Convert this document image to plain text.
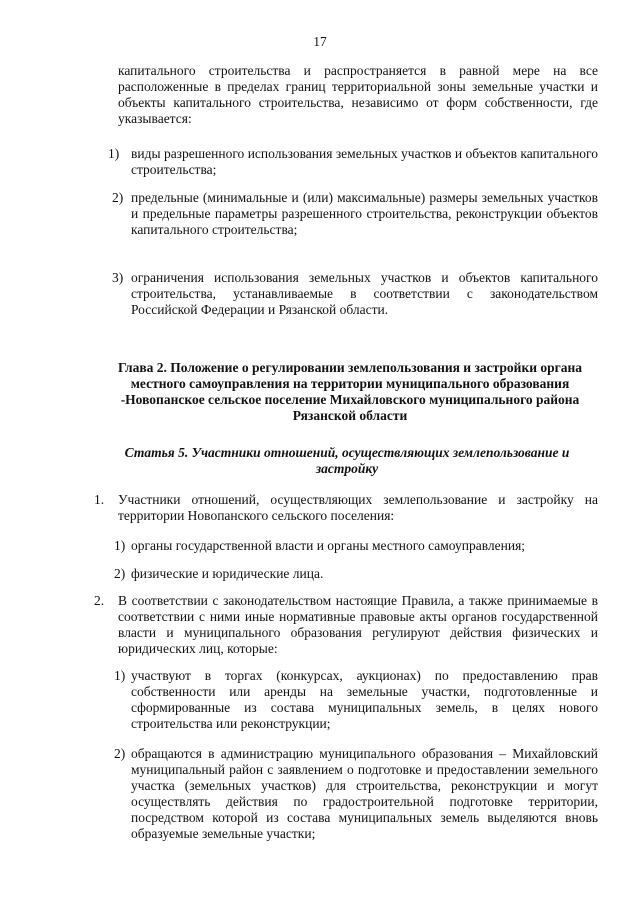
17
капитального строительства и распространяется в равной мере на все расположенные в пределах границ территориальной зоны земельные участки и объекты капитального строительства, независимо от форм собственности, где указывается:
1) виды разрешенного использования земельных участков и объектов капитального строительства;
2) предельные (минимальные и (или) максимальные) размеры земельных участков и предельные параметры разрешенного строительства, реконструкции объектов капитального строительства;
3) ограничения использования земельных участков и объектов капитального строительства, устанавливаемые в соответствии с законодательством Российской Федерации и Рязанской области.
Глава 2. Положение о регулировании землепользования и застройки органа местного самоуправления на территории муниципального образования -Новопанское сельское поселение Михайловского муниципального района Рязанской области
Статья 5. Участники отношений, осуществляющих землепользование и застройку
1. Участники отношений, осуществляющих землепользование и застройку на территории Новопанского сельского поселения:
1) органы государственной власти и органы местного самоуправления;
2) физические и юридические лица.
2. В соответствии с законодательством настоящие Правила, а также принимаемые в соответствии с ними иные нормативные правовые акты органов государственной власти и муниципального образования регулируют действия физических и юридических лиц, которые:
1) участвуют в торгах (конкурсах, аукционах) по предоставлению прав собственности или аренды на земельные участки, подготовленные и сформированные из состава муниципальных земель, в целях нового строительства или реконструкции;
2) обращаются в администрацию муниципального образования – Михайловский муниципальный район с заявлением о подготовке и предоставлении земельного участка (земельных участков) для строительства, реконструкции и могут осуществлять действия по градостроительной подготовке территории, посредством которой из состава муниципальных земель выделяются вновь образуемые земельные участки;
